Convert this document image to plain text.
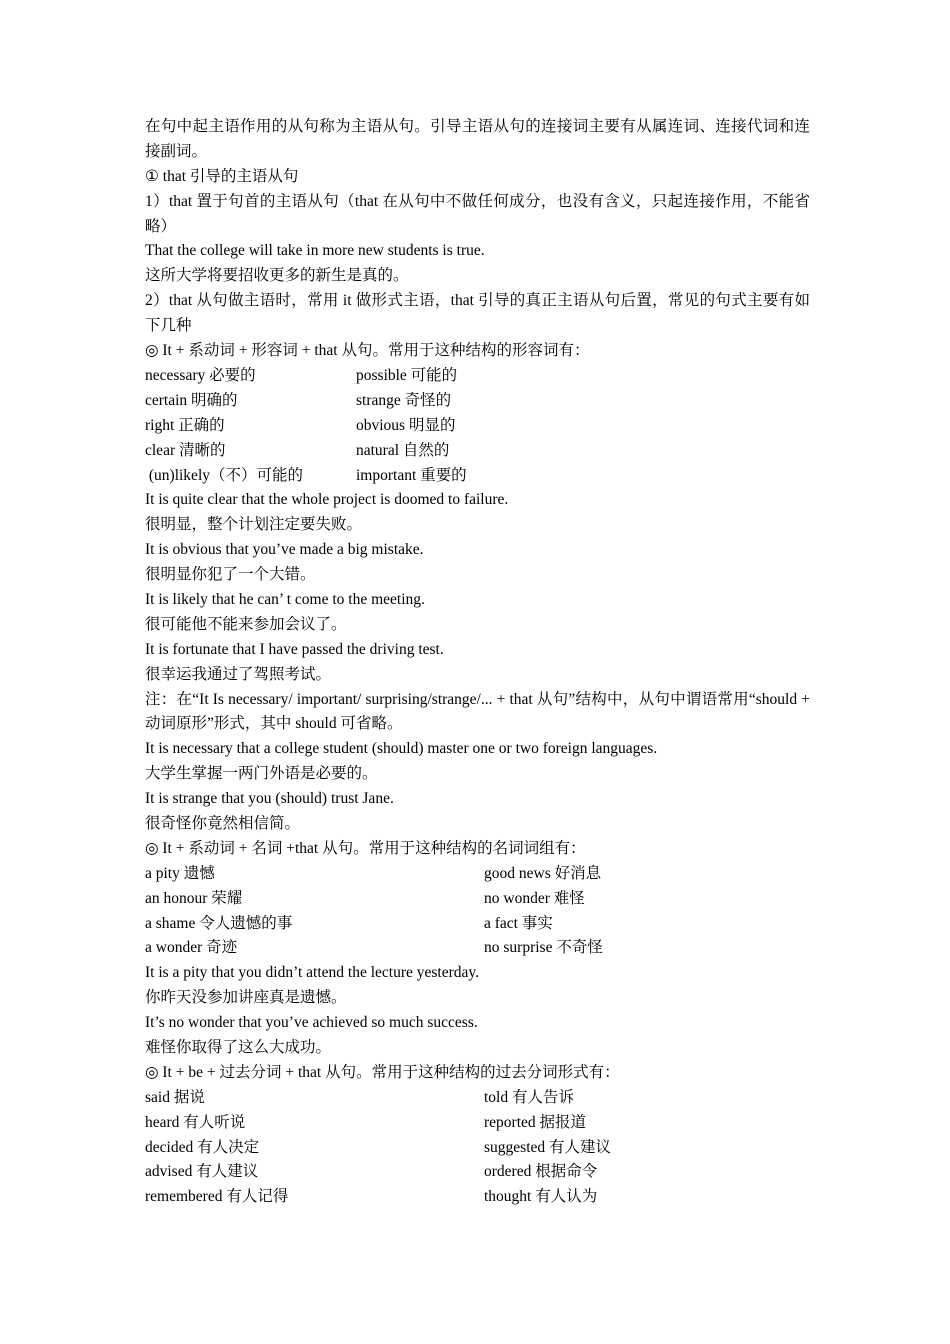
在句中起主语作用的从句称为主语从句。引导主语从句的连接词主要有从属连词、连接代词和连接副词。
① that 引导的主语从句
1）that 置于句首的主语从句（that 在从句中不做任何成分，也没有含义，只起连接作用，不能省略）
That the college will take in more new students is true.
这所大学将要招收更多的新生是真的。
2）that 从句做主语时，常用 it 做形式主语，that 引导的真正主语从句后置，常见的句式主要有如下几种
◎ It + 系动词 + 形容词 + that 从句。常用于这种结构的形容词有：
necessary 必要的	possible 可能的
certain 明确的	strange 奇怪的
right 正确的	obvious 明显的
clear 清晰的	natural 自然的
(un)likely（不）可能的	important 重要的
It is quite clear that the whole project is doomed to failure.
很明显，整个计划注定要失败。
It is obvious that you’ve made a big mistake.
很明显你犯了一个大错。
It is likely that he can’ t come to the meeting.
很可能他不能来参加会议了。
It is fortunate that I have passed the driving test.
很幸运我通过了驾照考试。
注：在“It Is necessary/ important/ surprising/strange/... + that 从句”结构中，从句中谓语常用“should + 动词原形”形式，其中 should 可省略。
It is necessary that a college student (should) master one or two foreign languages.
大学生掌握一两门外语是必要的。
It is strange that you (should) trust Jane.
很奇怪你竟然相信简。
◎ It + 系动词 + 名词 +that 从句。常用于这种结构的名词词组有：
a pity 遗憾	good news 好消息
an honour 荣耀	no wonder 难怪
a shame 令人遗憾的事	a fact 事实
a wonder 奇迹	no surprise 不奇怪
It is a pity that you didn’t attend the lecture yesterday.
你昨天没参加讲座真是遗憾。
It’s no wonder that you’ve achieved so much success.
难怪你取得了这么大成功。
◎ It + be + 过去分词 + that 从句。常用于这种结构的过去分词形式有：
said 据说	told 有人告诉
heard 有人听说	reported 据报道
decided 有人决定	suggested 有人建议
advised 有人建议	ordered 根据命令
remembered 有人记得	thought 有人认为
